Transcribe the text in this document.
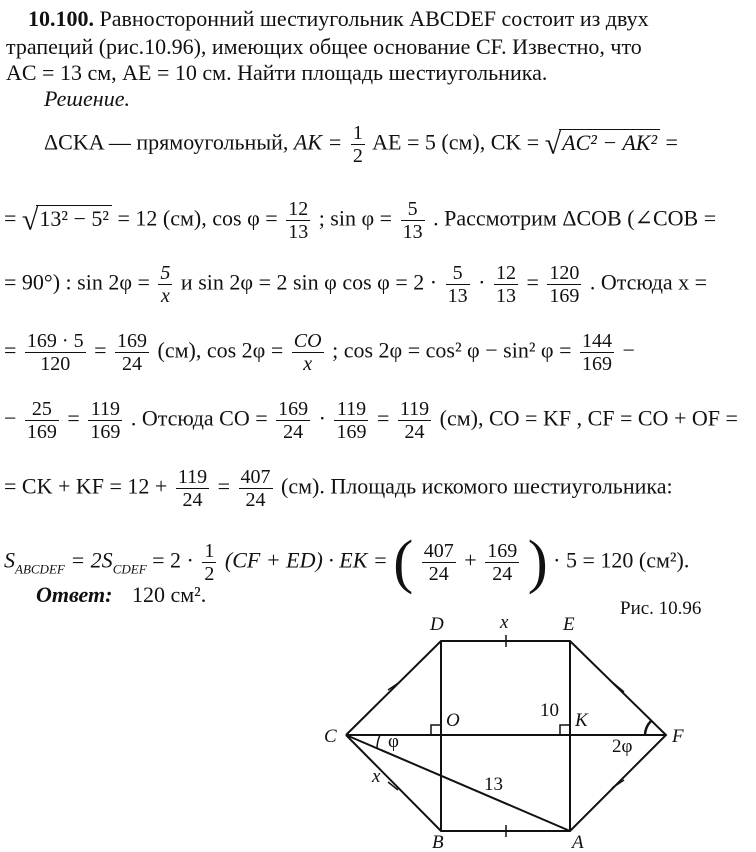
10.100. Равносторонний шестиугольник ABCDEF состоит из двух
трапеций (рис.10.96), имеющих общее основание CF. Известно, что
AC = 13 см, AE = 10 см. Найти площадь шестиугольника.
Решение.
ΔCKA — прямоугольный, AK = $\frac{1}{2}$ AE = 5 (см), CK = √AC² − AK² =
= √13² − 5² = 12 (см), $\cos \varphi = \frac{12}{13}$ ; $\sin \varphi = \frac{5}{13}$ . Рассмотрим ΔCOB (∠COB =
= 90°) : $\sin 2\varphi = \frac{5}{x}$ и sin 2φ = 2 sin φ $\cos \varphi = 2 \cdot \frac{5}{13} \cdot \frac{12}{13} = \frac{120}{169}$ . Отсюда x =
= $\frac{169 \cdot 5}{120} = \frac{169}{24} (см)$, $\cos 2\varphi = \frac{CO}{x}$ ; cos 2φ = cos² φ − sin² $\varphi = \frac{144}{169}$ −
− $\frac{25}{169} = \frac{119}{169}$ . Отсюда CO = $\frac{169}{24} \cdot \frac{119}{169} = \frac{119}{24} (см)$, CO = KF , CF = CO + OF =
= CK + KF = $12 + \frac{119}{24} = \frac{407}{24} (см)$. Площадь искомого шестиугольника:
$S_{ABCDEF} = 2S_{CDEF} = 2 \cdot \frac{1}{2} (CF + ED)$ · EK = ( $\frac{407}{24} + \frac{169}{24}$ ) · 5 = 120 (см²).
Ответ: 120 см².
Рис. 10.96
D	E
x
C
O	10 K
F
φ	2φ
x	13
B	A
